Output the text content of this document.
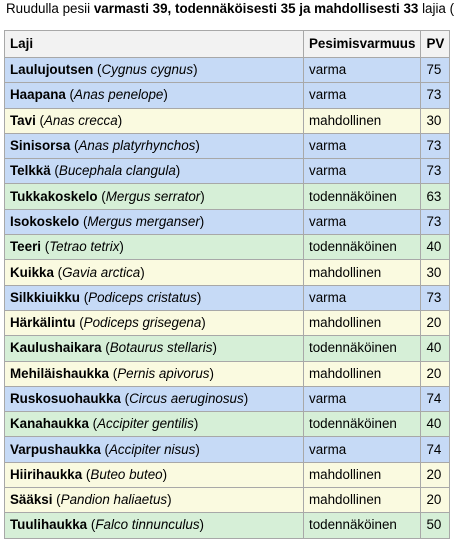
Ruudulla pesii varmasti 39, todennäköisesti 35 ja mahdollisesti 33 lajia (
Laji	Pesimisvarmuus	PV
Laulujoutsen (Cygnus cygnus)	varma	75
Haapana (Anas penelope)	varma	73
Tavi (Anas crecca)	mahdollinen	30
Sinisorsa (Anas platyrhynchos)	varma	73
Telkkä (Bucephala clangula)	varma	73
Tukkakoskelo (Mergus serrator)	todennäköinen	63
Isokoskelo (Mergus merganser)	varma	73
Teeri (Tetrao tetrix)	todennäköinen	40
Kuikka (Gavia arctica)	mahdollinen	30
Silkkiuikku (Podiceps cristatus)	varma	73
Härkälintu (Podiceps grisegena)	mahdollinen	20
Kaulushaikara (Botaurus stellaris)	todennäköinen	40
Mehiläishaukka (Pernis apivorus)	mahdollinen	20
Ruskosuohaukka (Circus aeruginosus)	varma	74
Kanahaukka (Accipiter gentilis)	todennäköinen	40
Varpushaukka (Accipiter nisus)	varma	74
Hiirihaukka (Buteo buteo)	mahdollinen	20
Sääksi (Pandion haliaetus)	mahdollinen	20
Tuulihaukka (Falco tinnunculus)	todennäköinen	50
